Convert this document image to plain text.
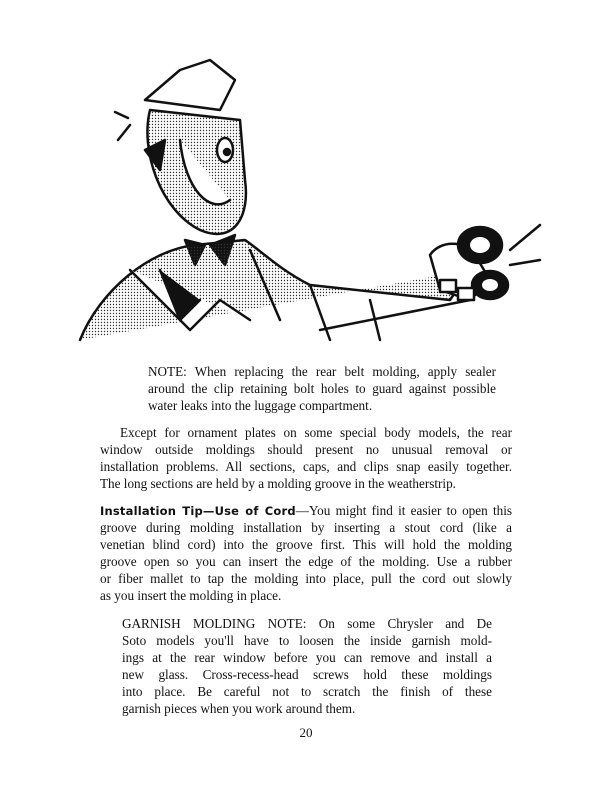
NOTE: When replacing the rear belt molding, apply sealer
around the clip retaining bolt holes to guard against possible
water leaks into the luggage compartment.
Except for ornament plates on some special body models, the rear
window outside moldings should present no unusual removal or
installation problems. All sections, caps, and clips snap easily together.
The long sections are held by a molding groove in the weatherstrip.
Installation Tip—Use of Cord—You might find it easier to open this
groove during molding installation by inserting a stout cord (like a
venetian blind cord) into the groove first. This will hold the molding
groove open so you can insert the edge of the molding. Use a rubber
or fiber mallet to tap the molding into place, pull the cord out slowly
as you insert the molding in place.
GARNISH MOLDING NOTE: On some Chrysler and De
Soto models you'll have to loosen the inside garnish mold-
ings at the rear window before you can remove and install a
new glass. Cross-recess-head screws hold these moldings
into place. Be careful not to scratch the finish of these
garnish pieces when you work around them.
20
